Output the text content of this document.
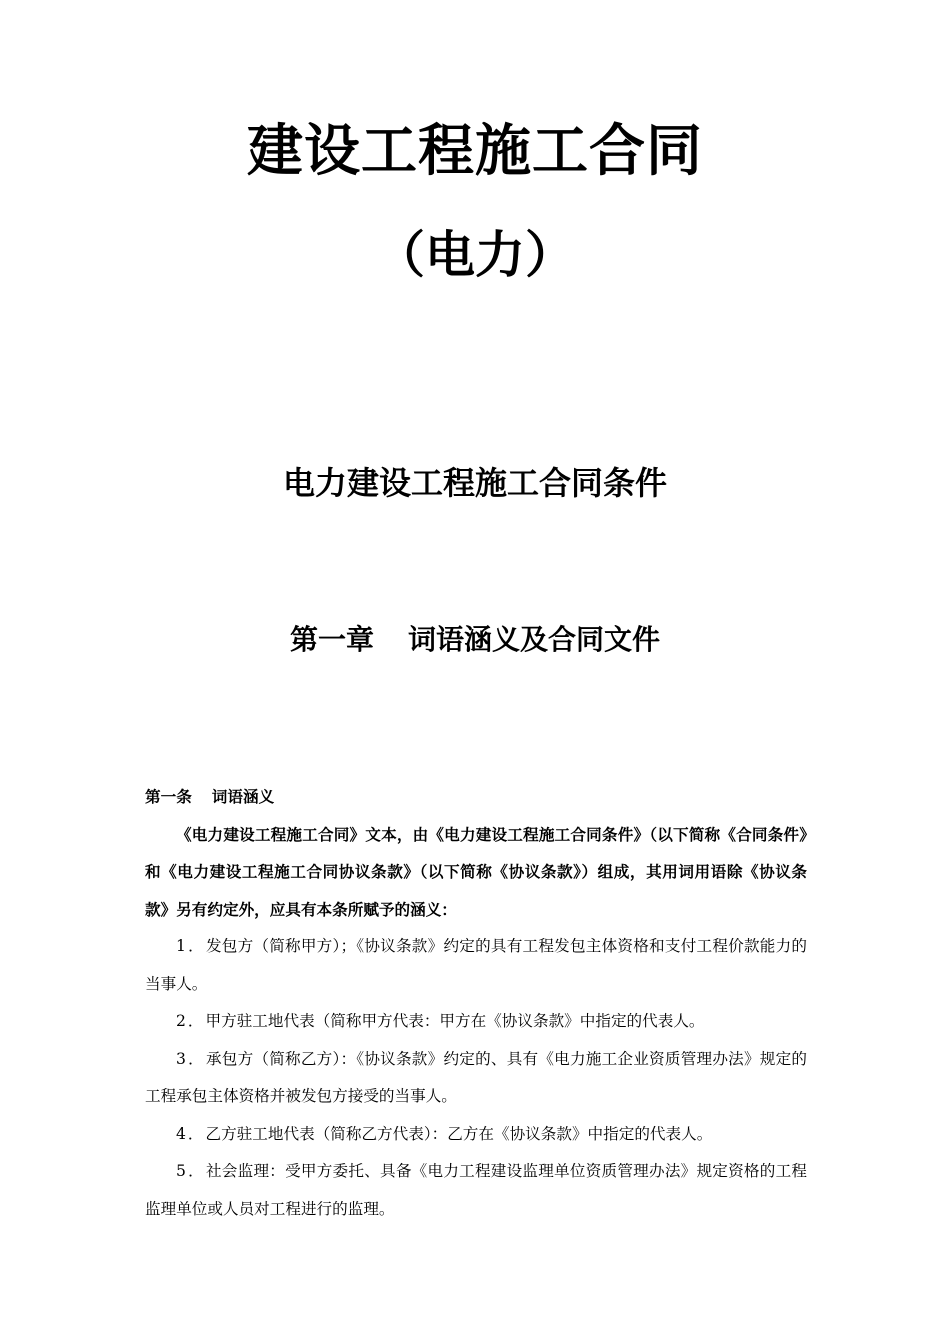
建设工程施工合同
（电力）
电力建设工程施工合同条件
第一章 词语涵义及合同文件
第一条 词语涵义

《电力建设工程施工合同》文本，由《电力建设工程施工合同条件》（以下简称《合同条件》和《电力建设工程施工合同协议条款》（以下简称《协议条款》）组成，其用词用语除《协议条款》另有约定外，应具有本条所赋予的涵义：

1．发包方（简称甲方）；《协议条款》约定的具有工程发包主体资格和支付工程价款能力的当事人。

2．甲方驻工地代表（简称甲方代表：甲方在《协议条款》中指定的代表人。

3．承包方（简称乙方）：《协议条款》约定的、具有《电力施工企业资质管理办法》规定的工程承包主体资格并被发包方接受的当事人。

4．乙方驻工地代表（简称乙方代表）：乙方在《协议条款》中指定的代表人。

5．社会监理：受甲方委托、具备《电力工程建设监理单位资质管理办法》规定资格的工程监理单位或人员对工程进行的监理。
